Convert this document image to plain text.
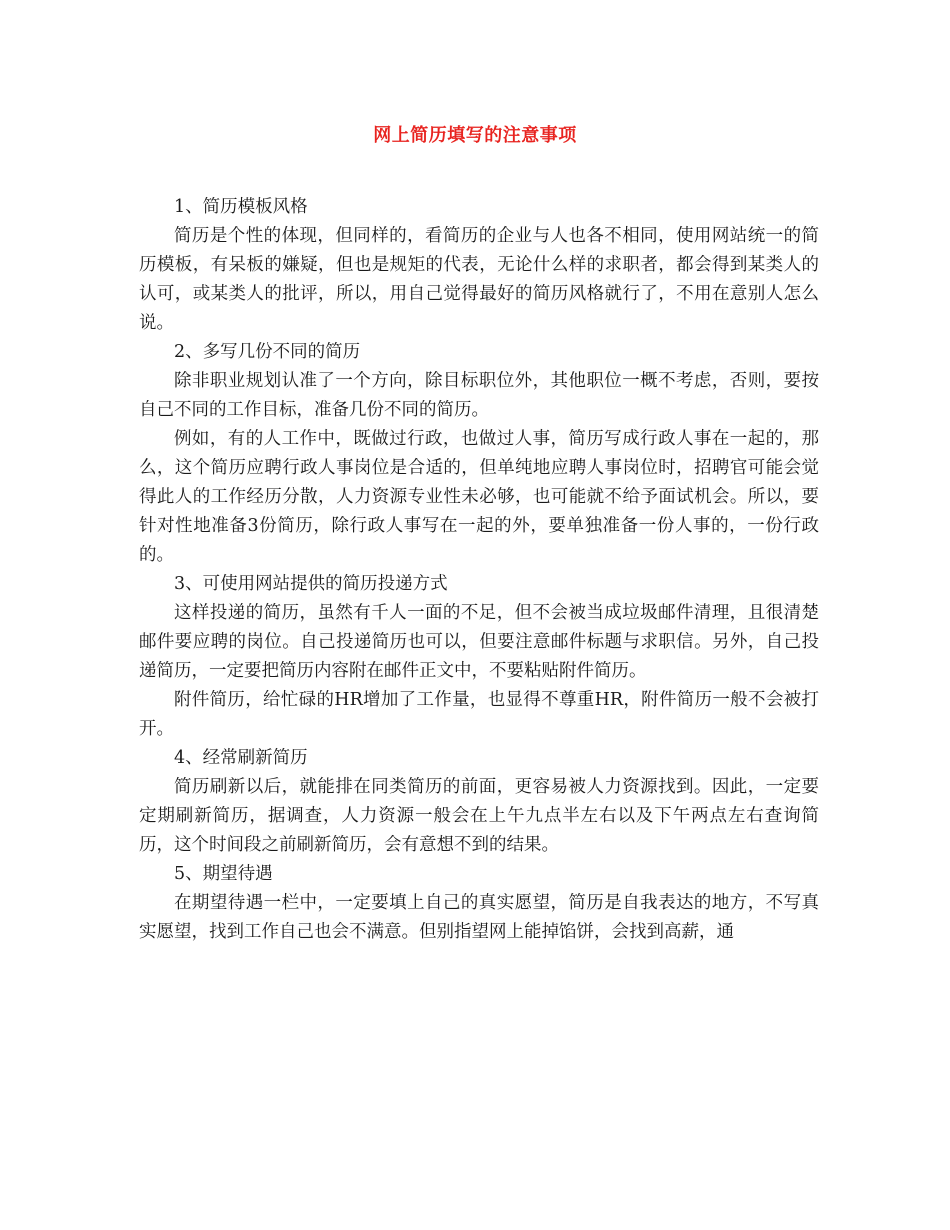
网上简历填写的注意事项

1、简历模板风格

简历是个性的体现，但同样的，看简历的企业与人也各不相同，使用网站统一的简历模板，有呆板的嫌疑，但也是规矩的代表，无论什么样的求职者，都会得到某类人的认可，或某类人的批评，所以，用自己觉得最好的简历风格就行了，不用在意别人怎么说。

2、多写几份不同的简历

除非职业规划认准了一个方向，除目标职位外，其他职位一概不考虑，否则，要按自己不同的工作目标，准备几份不同的简历。

例如，有的人工作中，既做过行政，也做过人事，简历写成行政人事在一起的，那么，这个简历应聘行政人事岗位是合适的，但单纯地应聘人事岗位时，招聘官可能会觉得此人的工作经历分散，人力资源专业性未必够，也可能就不给予面试机会。所以，要针对性地准备3份简历，除行政人事写在一起的外，要单独准备一份人事的，一份行政的。

3、可使用网站提供的简历投递方式

这样投递的简历，虽然有千人一面的不足，但不会被当成垃圾邮件清理，且很清楚邮件要应聘的岗位。自己投递简历也可以，但要注意邮件标题与求职信。另外，自己投递简历，一定要把简历内容附在邮件正文中，不要粘贴附件简历。

附件简历，给忙碌的HR增加了工作量，也显得不尊重HR，附件简历一般不会被打开。

4、经常刷新简历

简历刷新以后，就能排在同类简历的前面，更容易被人力资源找到。因此，一定要定期刷新简历，据调查，人力资源一般会在上午九点半左右以及下午两点左右查询简历，这个时间段之前刷新简历，会有意想不到的结果。

5、期望待遇

在期望待遇一栏中，一定要填上自己的真实愿望，简历是自我表达的地方，不写真实愿望，找到工作自己也会不满意。但别指望网上能掉馅饼，会找到高薪，通
